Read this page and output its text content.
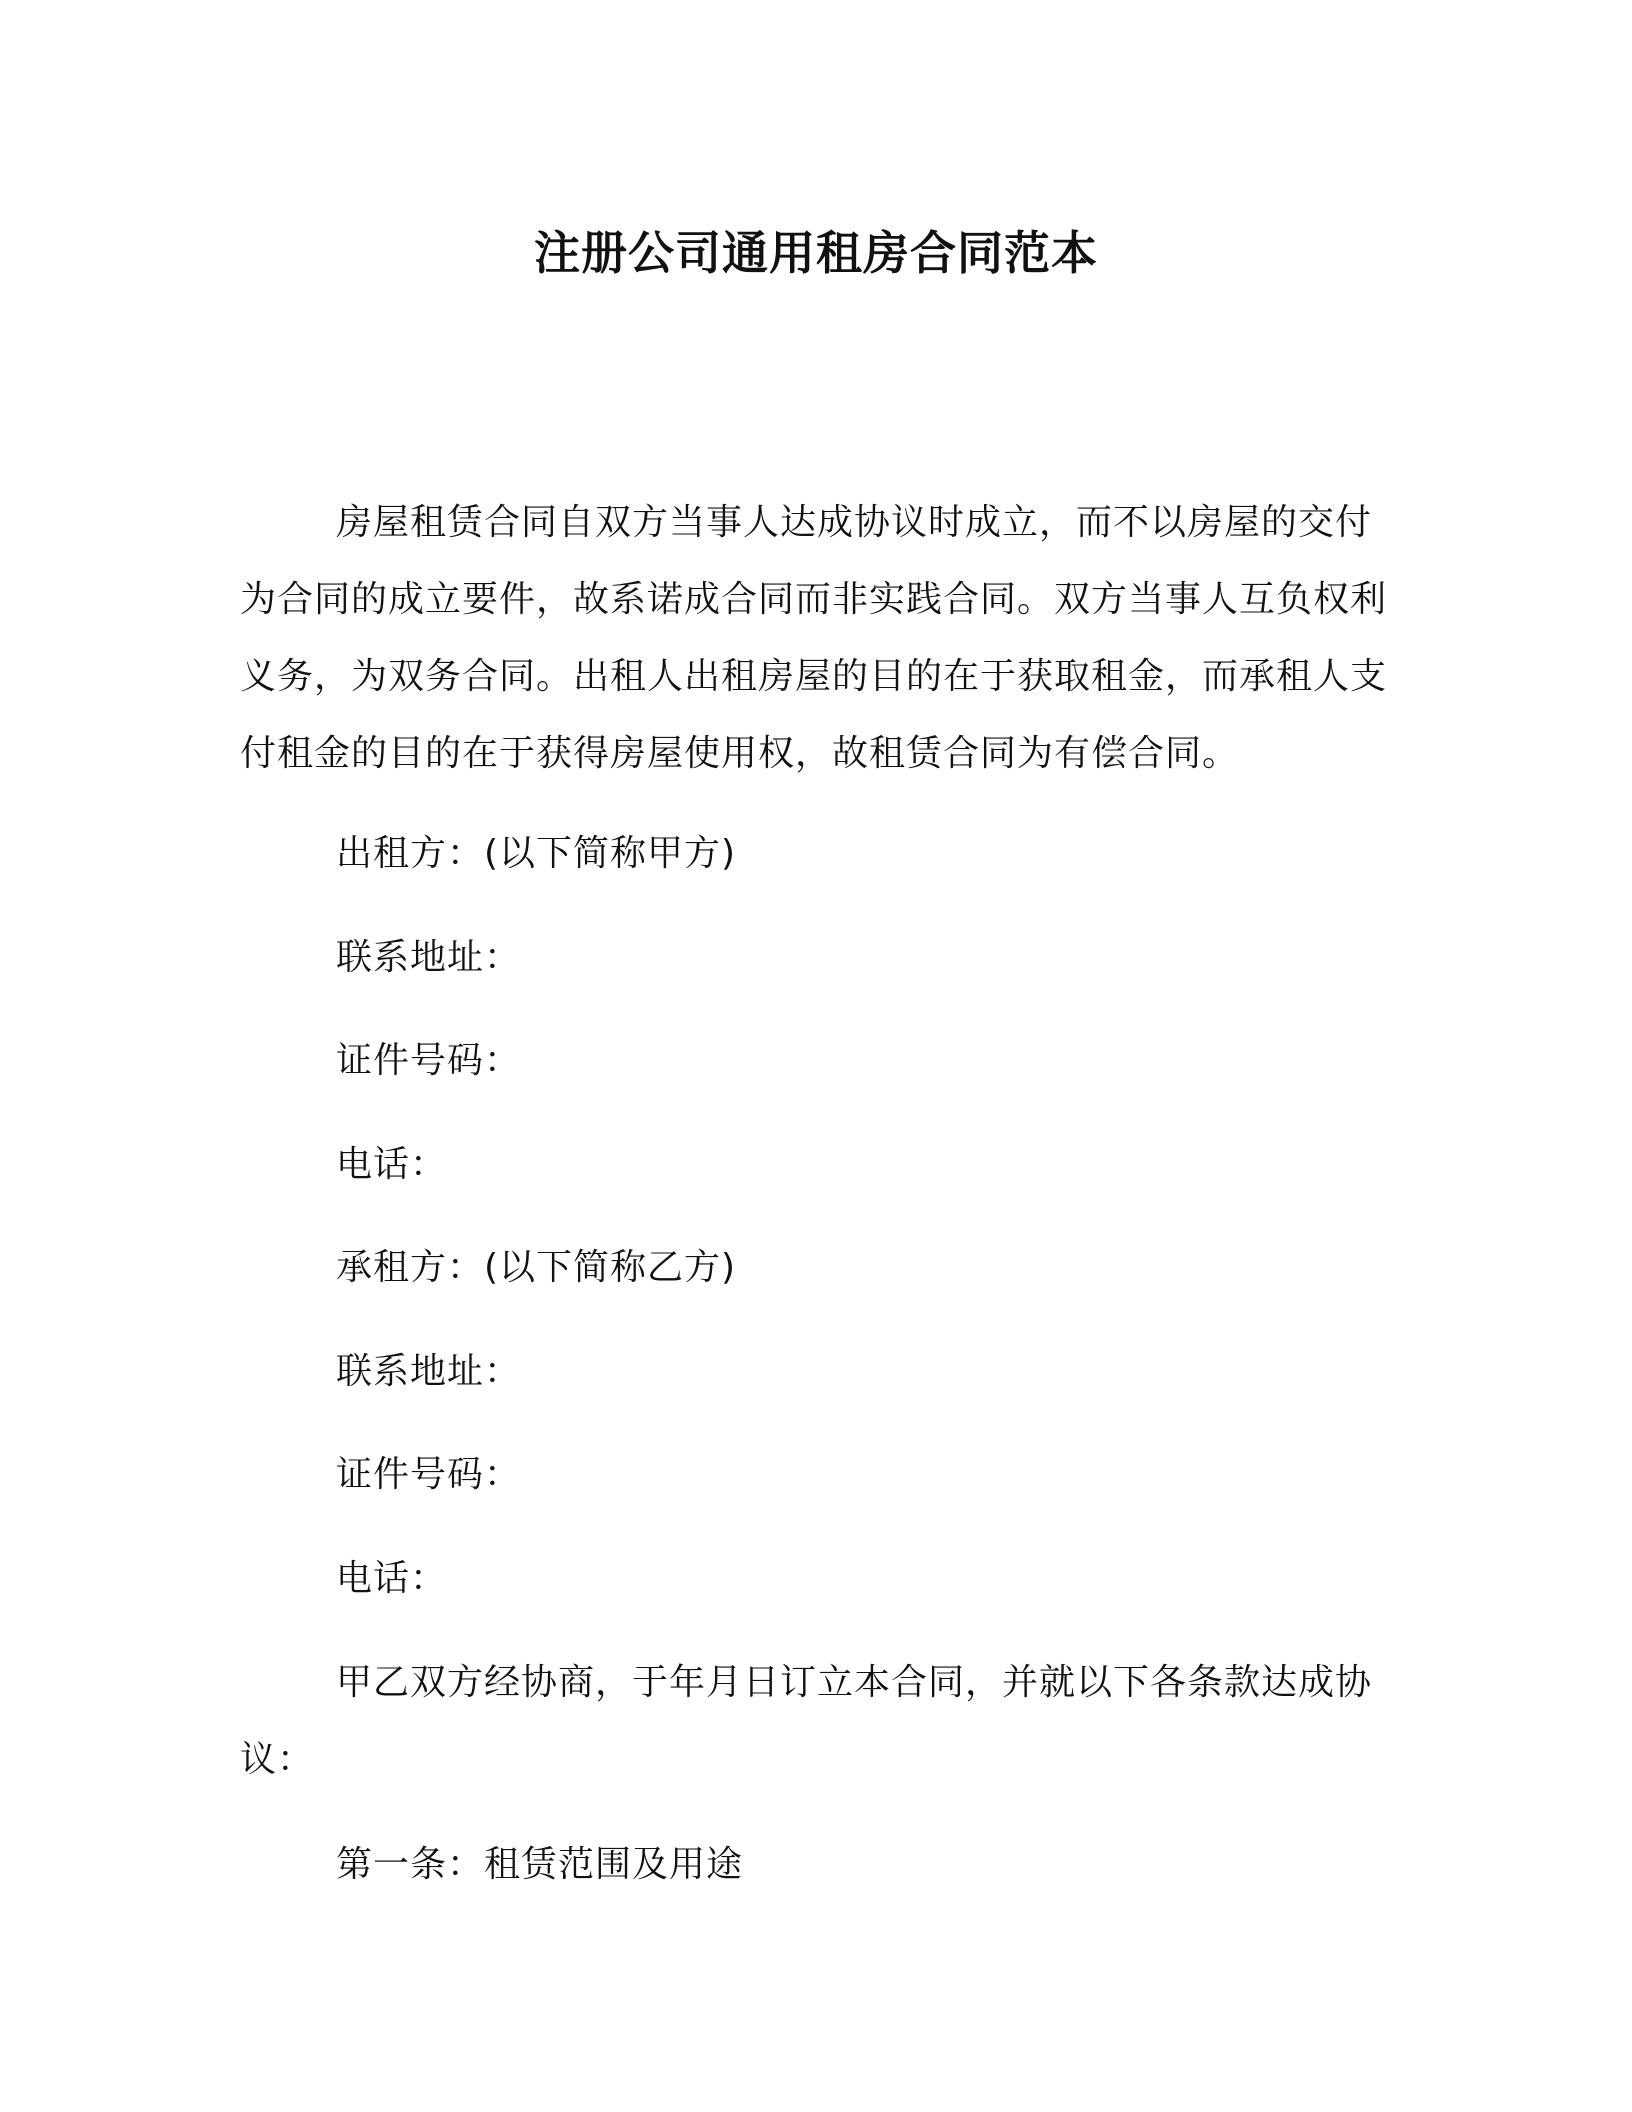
注册公司通用租房合同范本

房屋租赁合同自双方当事人达成协议时成立，而不以房屋的交付为合同的成立要件，故系诺成合同而非实践合同。双方当事人互负权利义务，为双务合同。出租人出租房屋的目的在于获取租金，而承租人支付租金的目的在于获得房屋使用权，故租赁合同为有偿合同。

出租方：(以下简称甲方)

联系地址：

证件号码：

电话：

承租方：(以下简称乙方)

联系地址：

证件号码：

电话：

甲乙双方经协商，于年月日订立本合同，并就以下各条款达成协议：

第一条：租赁范围及用途
